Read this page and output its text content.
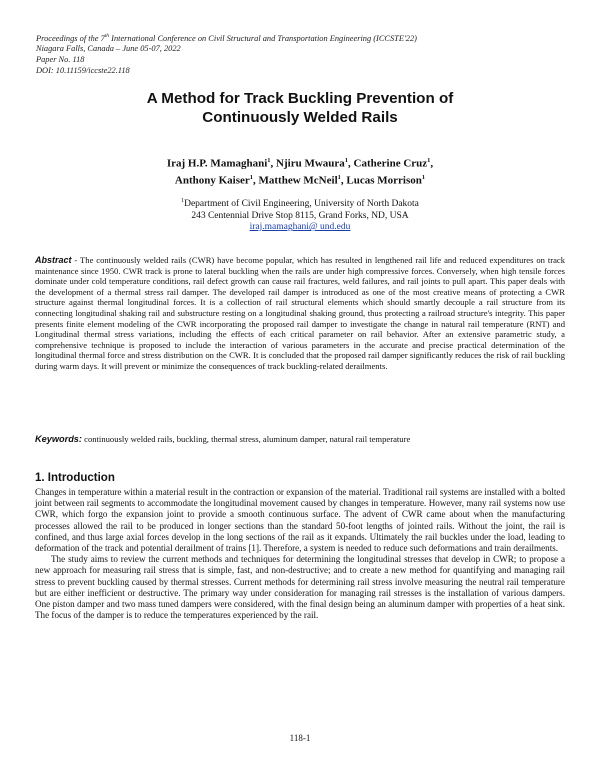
Proceedings of the 7th International Conference on Civil Structural and Transportation Engineering (ICCSTE'22)
Niagara Falls, Canada – June 05-07, 2022
Paper No. 118
DOI: 10.11159/iccste22.118
A Method for Track Buckling Prevention of
Continuously Welded Rails
Iraj H.P. Mamaghani$^1$, Njiru Mwaura$^1$, Catherine Cruz$^1$,
Anthony Kaiser$^1$, Matthew McNeil$^1$, Lucas Morrison$^1$
$^1$Department of Civil Engineering, University of North Dakota
243 Centennial Drive Stop 8115, Grand Forks, ND, USA
iraj.mamaghani@ und.edu
Abstract - The continuously welded rails (CWR) have become popular, which has resulted in lengthened rail life and reduced expenditures on track maintenance since 1950. CWR track is prone to lateral buckling when the rails are under high compressive forces. Conversely, when high tensile forces dominate under cold temperature conditions, rail defect growth can cause rail fractures, weld failures, and rail joints to pull apart. This paper deals with the development of a thermal stress rail damper. The developed rail damper is introduced as one of the most creative means of protecting a CWR structure against thermal longitudinal forces. It is a collection of rail structural elements which should smartly decouple a rail structure from its connecting longitudinal shaking rail and substructure resting on a longitudinal shaking ground, thus protecting a railroad structure's integrity. This paper presents finite element modeling of the CWR incorporating the proposed rail damper to investigate the change in natural rail temperature (RNT) and Longitudinal thermal stress variations, including the effects of each critical parameter on rail behavior. After an extensive parametric study, a comprehensive technique is proposed to include the interaction of various parameters in the accurate and precise practical determination of the longitudinal thermal force and stress distribution on the CWR. It is concluded that the proposed rail damper significantly reduces the risk of rail buckling during warm days. It will prevent or minimize the consequences of track buckling-related derailments.
Keywords: continuously welded rails, buckling, thermal stress, aluminum damper, natural rail temperature
1. Introduction

Changes in temperature within a material result in the contraction or expansion of the material. Traditional rail systems are installed with a bolted joint between rail segments to accommodate the longitudinal movement caused by changes in temperature. However, many rail systems now use CWR, which forgo the expansion joint to provide a smooth continuous surface. The advent of CWR came about when the manufacturing processes allowed the rail to be produced in longer sections than the standard 50-foot lengths of jointed rails. Without the joint, the rail is confined, and thus large axial forces develop in the long sections of the rail as it expands. Ultimately the rail buckles under the load, leading to deformation of the track and potential derailment of trains [1]. Therefore, a system is needed to reduce such deformations and train derailments.

The study aims to review the current methods and techniques for determining the longitudinal stresses that develop in CWR; to propose a new approach for measuring rail stress that is simple, fast, and non-destructive; and to create a new method for quantifying and managing rail stress to prevent buckling caused by thermal stresses. Current methods for determining rail stress involve measuring the neutral rail temperature but are either inefficient or destructive. The primary way under consideration for managing rail stresses is the installation of various dampers. One piston damper and two mass tuned dampers were considered, with the final design being an aluminum damper with properties of a heat sink. The focus of the damper is to reduce the temperatures experienced by the rail.

118-1
